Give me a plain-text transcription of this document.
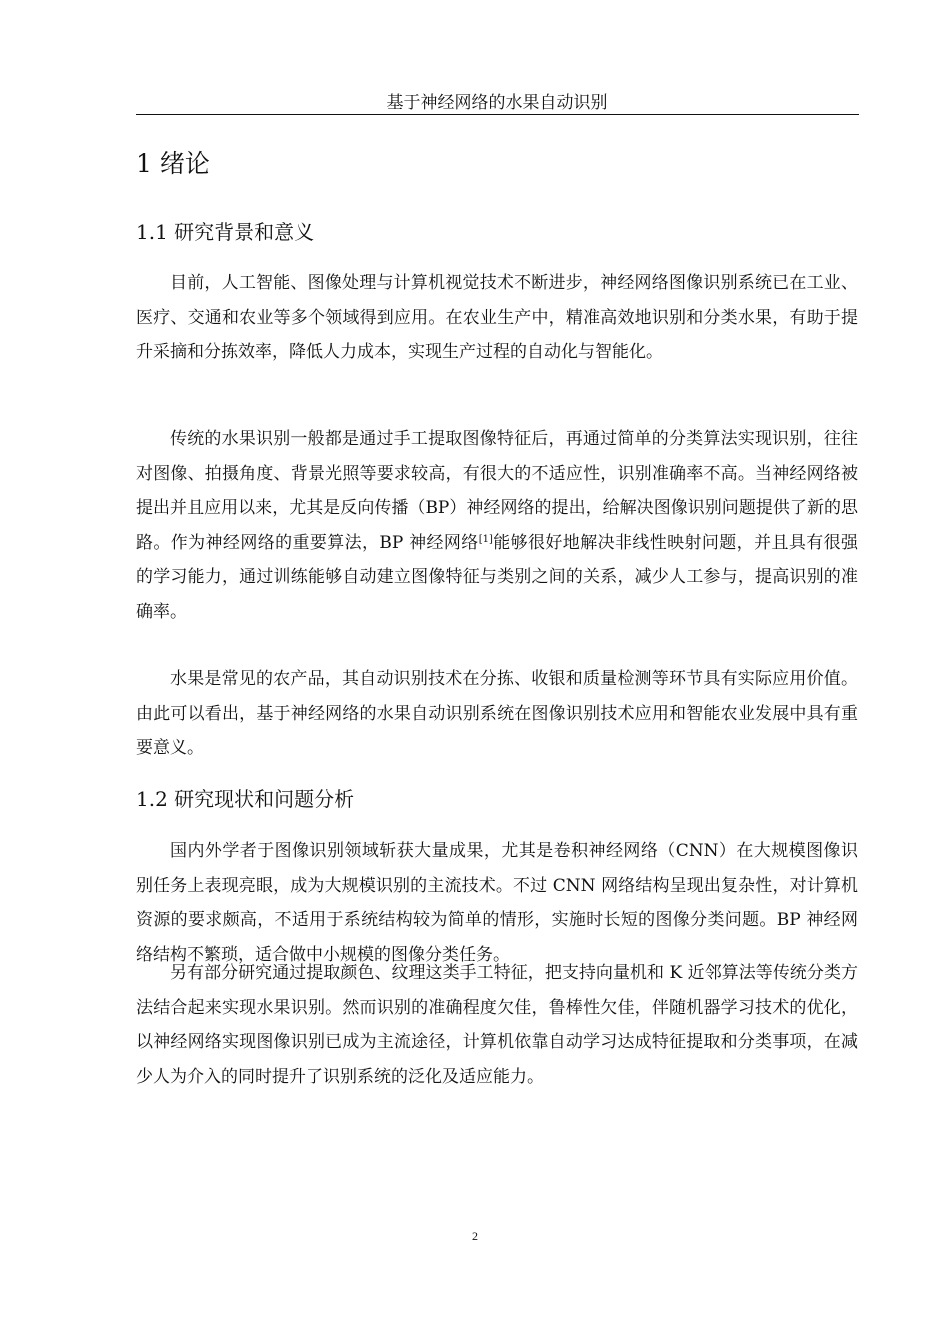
基于神经网络的水果自动识别
1 绪论
1.1 研究背景和意义

目前，人工智能、图像处理与计算机视觉技术不断进步，神经网络图像识别系统已在工业、医疗、交通和农业等多个领域得到应用。在农业生产中，精准高效地识别和分类水果，有助于提升采摘和分拣效率，降低人力成本，实现生产过程的自动化与智能化。

传统的水果识别一般都是通过手工提取图像特征后，再通过简单的分类算法实现识别，往往对图像、拍摄角度、背景光照等要求较高，有很大的不适应性，识别准确率不高。当神经网络被提出并且应用以来，尤其是反向传播（BP）神经网络的提出，给解决图像识别问题提供了新的思路。作为神经网络的重要算法，BP 神经网络[1]能够很好地解决非线性映射问题，并且具有很强的学习能力，通过训练能够自动建立图像特征与类别之间的关系，减少人工参与，提高识别的准确率。

水果是常见的农产品，其自动识别技术在分拣、收银和质量检测等环节具有实际应用价值。由此可以看出，基于神经网络的水果自动识别系统在图像识别技术应用和智能农业发展中具有重要意义。

1.2 研究现状和问题分析

国内外学者于图像识别领域斩获大量成果，尤其是卷积神经网络（CNN）在大规模图像识别任务上表现亮眼，成为大规模识别的主流技术。不过 CNN 网络结构呈现出复杂性，对计算机资源的要求颇高，不适用于系统结构较为简单的情形，实施时长短的图像分类问题。BP 神经网络结构不繁琐，适合做中小规模的图像分类任务。

另有部分研究通过提取颜色、纹理这类手工特征，把支持向量机和 K 近邻算法等传统分类方法结合起来实现水果识别。然而识别的准确程度欠佳，鲁棒性欠佳，伴随机器学习技术的优化，以神经网络实现图像识别已成为主流途径，计算机依靠自动学习达成特征提取和分类事项，在减少人为介入的同时提升了识别系统的泛化及适应能力。

2
